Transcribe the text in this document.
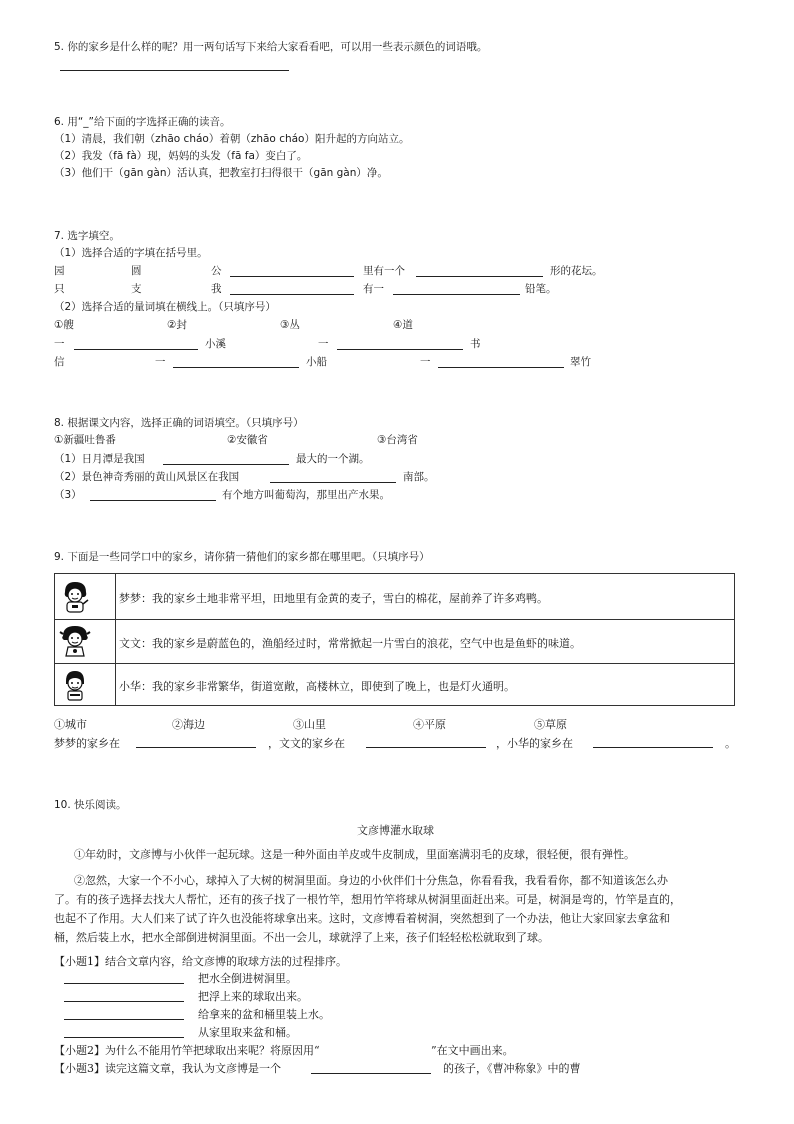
5. 你的家乡是什么样的呢？用一两句话写下来给大家看看吧，可以用一些表示颜色的词语哦。
6. 用“_”给下面的字选择正确的读音。
（1）清晨，我们朝（zhāo cháo）着朝（zhāo cháo）阳升起的方向站立。
（2）我发（fā fà）现，妈妈的头发（fā fa）变白了。
（3）他们干（gān gàn）活认真，把教室打扫得很干（gān gàn）净。
7. 选字填空。
（1）选择合适的字填在括号里。
园	圆	公	里有一个	形的花坛。
只	支	我	有一	铅笔。
（2）选择合适的量词填在横线上。（只填序号）
①艘	②封	③丛	④道
一	小溪	一	书
信	一	小船	一	翠竹
8. 根据课文内容，选择正确的词语填空。（只填序号）
①新疆吐鲁番	②安徽省	③台湾省
（1）日月潭是我国	最大的一个湖。
（2）景色神奇秀丽的黄山风景区在我国	南部。
（3）	有个地方叫葡萄沟，那里出产水果。
9. 下面是一些同学口中的家乡，请你猜一猜他们的家乡都在哪里吧。（只填序号）
梦梦：我的家乡土地非常平坦，田地里有金黄的麦子，雪白的棉花，屋前养了许多鸡鸭。
文文：我的家乡是蔚蓝色的，渔船经过时，常常掀起一片雪白的浪花，空气中也是鱼虾的味道。
小华：我的家乡非常繁华，街道宽敞，高楼林立，即使到了晚上，也是灯火通明。
①城市	②海边	③山里	④平原	⑤草原
梦梦的家乡在	，文文的家乡在	，小华的家乡在	。
10. 快乐阅读。
文彦博灌水取球
①年幼时，文彦博与小伙伴一起玩球。这是一种外面由羊皮或牛皮制成，里面塞满羽毛的皮球，很轻便，很有弹性。
②忽然，大家一个不小心，球掉入了大树的树洞里面。身边的小伙伴们十分焦急，你看看我，我看看你，都不知道该怎么办
了。有的孩子选择去找大人帮忙，还有的孩子找了一根竹竿，想用竹竿将球从树洞里面赶出来。可是，树洞是弯的，竹竿是直的，
也起不了作用。大人们来了试了许久也没能将球拿出来。这时，文彦博看着树洞，突然想到了一个办法，他让大家回家去拿盆和
桶，然后装上水，把水全部倒进树洞里面。不出一会儿，球就浮了上来，孩子们轻轻松松就取到了球。
【小题1】结合文章内容，给文彦博的取球方法的过程排序。
把水全倒进树洞里。
把浮上来的球取出来。
给拿来的盆和桶里装上水。
从家里取来盆和桶。
【小题2】为什么不能用竹竿把球取出来呢？将原因用“	”在文中画出来。
【小题3】读完这篇文章，我认为文彦博是一个	的孩子，《曹冲称象》中的曹
